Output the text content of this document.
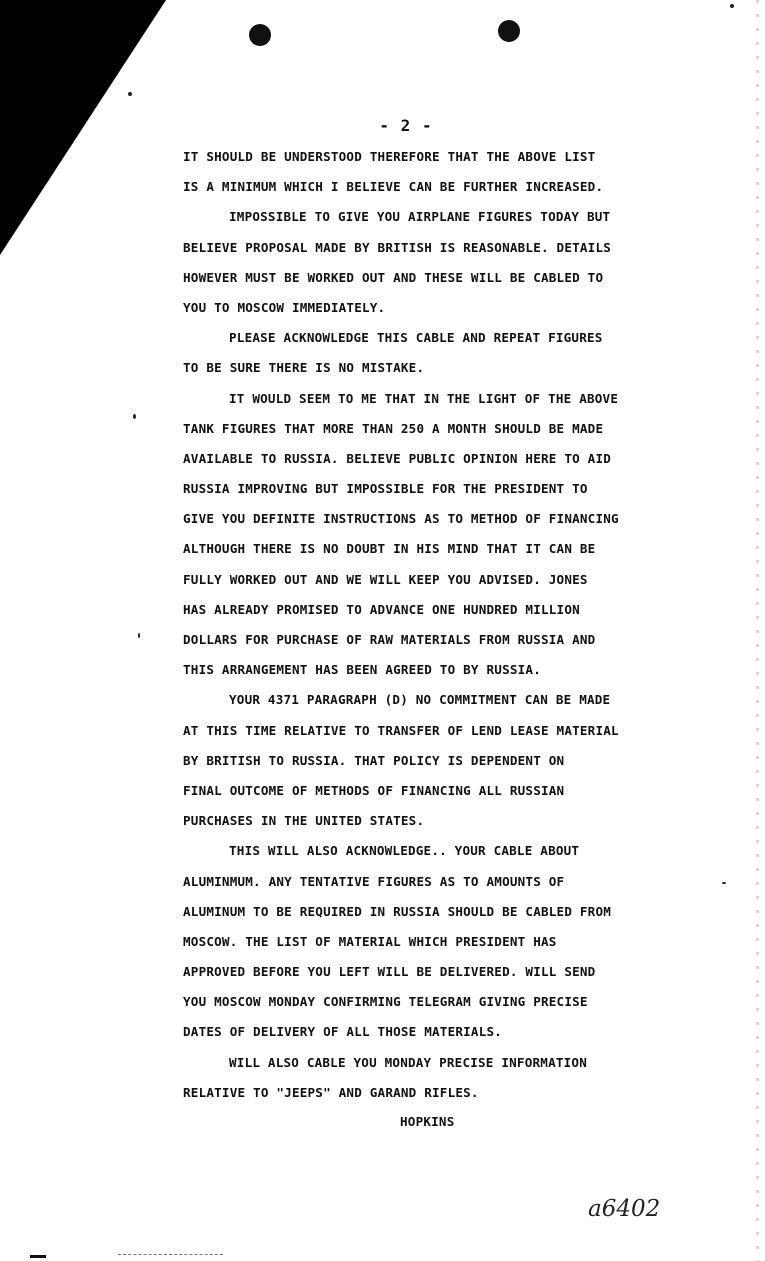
- 2 -
IT SHOULD BE UNDERSTOOD THEREFORE THAT THE ABOVE LIST
IS A MINIMUM WHICH I BELIEVE CAN BE FURTHER INCREASED.
IMPOSSIBLE TO GIVE YOU AIRPLANE FIGURES TODAY BUT
BELIEVE PROPOSAL MADE BY BRITISH IS REASONABLE. DETAILS
HOWEVER MUST BE WORKED OUT AND THESE WILL BE CABLED TO
YOU TO MOSCOW IMMEDIATELY.
PLEASE ACKNOWLEDGE THIS CABLE AND REPEAT FIGURES
TO BE SURE THERE IS NO MISTAKE.
IT WOULD SEEM TO ME THAT IN THE LIGHT OF THE ABOVE
TANK FIGURES THAT MORE THAN 250 A MONTH SHOULD BE MADE
AVAILABLE TO RUSSIA. BELIEVE PUBLIC OPINION HERE TO AID
RUSSIA IMPROVING BUT IMPOSSIBLE FOR THE PRESIDENT TO
GIVE YOU DEFINITE INSTRUCTIONS AS TO METHOD OF FINANCING
ALTHOUGH THERE IS NO DOUBT IN HIS MIND THAT IT CAN BE
FULLY WORKED OUT AND WE WILL KEEP YOU ADVISED. JONES
HAS ALREADY PROMISED TO ADVANCE ONE HUNDRED MILLION
DOLLARS FOR PURCHASE OF RAW MATERIALS FROM RUSSIA AND
THIS ARRANGEMENT HAS BEEN AGREED TO BY RUSSIA.
YOUR 4371 PARAGRAPH (D) NO COMMITMENT CAN BE MADE
AT THIS TIME RELATIVE TO TRANSFER OF LEND LEASE MATERIAL
BY BRITISH TO RUSSIA. THAT POLICY IS DEPENDENT ON
FINAL OUTCOME OF METHODS OF FINANCING ALL RUSSIAN
PURCHASES IN THE UNITED STATES.
THIS WILL ALSO ACKNOWLEDGE.. YOUR CABLE ABOUT
ALUMINMUM. ANY TENTATIVE FIGURES AS TO AMOUNTS OF
ALUMINUM TO BE REQUIRED IN RUSSIA SHOULD BE CABLED FROM
MOSCOW. THE LIST OF MATERIAL WHICH PRESIDENT HAS
APPROVED BEFORE YOU LEFT WILL BE DELIVERED. WILL SEND
YOU MOSCOW MONDAY CONFIRMING TELEGRAM GIVING PRECISE
DATES OF DELIVERY OF ALL THOSE MATERIALS.
WILL ALSO CABLE YOU MONDAY PRECISE INFORMATION
RELATIVE TO "JEEPS" AND GARAND RIFLES.
HOPKINS
a6402
